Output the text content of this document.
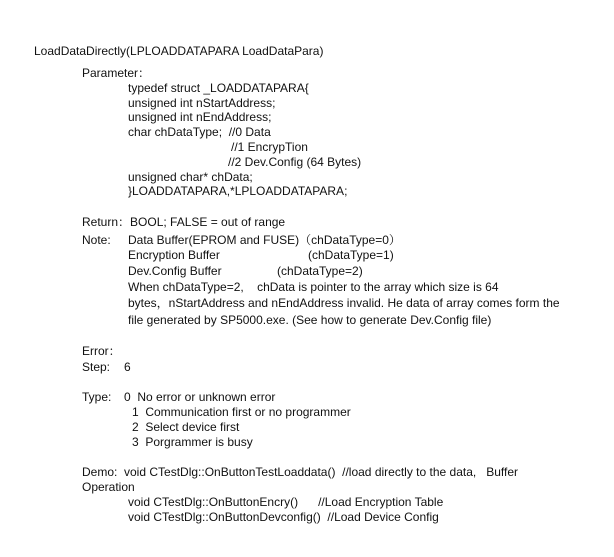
LoadDataDirectly(LPLOADDATAPARA LoadDataPara)

Parameter：

typedef struct _LOADDATAPARA{

unsigned int nStartAddress;

unsigned int nEndAddress;

char chDataType;  //0 Data

//1 EncrypTion

//2 Dev.Config (64 Bytes)

unsigned char* chData;

}LOADDATAPARA,*LPLOADDATAPARA;

Return：BOOL; FALSE = out of range

Note: Data Buffer(EPROM and FUSE)（chDataType=0）

Encryption Buffer	(chDataType=1)

Dev.Config Buffer	(chDataType=2)

When chDataType=2,    chData is pointer to the array which size is 64

bytes，nStartAddress and nEndAddress invalid. He data of array comes form the

file generated by SP5000.exe. (See how to generate Dev.Config file)

Error：

Step: 6

Type: 0  No error or unknown error

1  Communication first or no programmer

2  Select device first

3  Porgrammer is busy

Demo:  void CTestDlg::OnButtonTestLoaddata()  //load directly to the data,   Buffer

Operation

void CTestDlg::OnButtonEncry()      //Load Encryption Table

void CTestDlg::OnButtonDevconfig()  //Load Device Config
